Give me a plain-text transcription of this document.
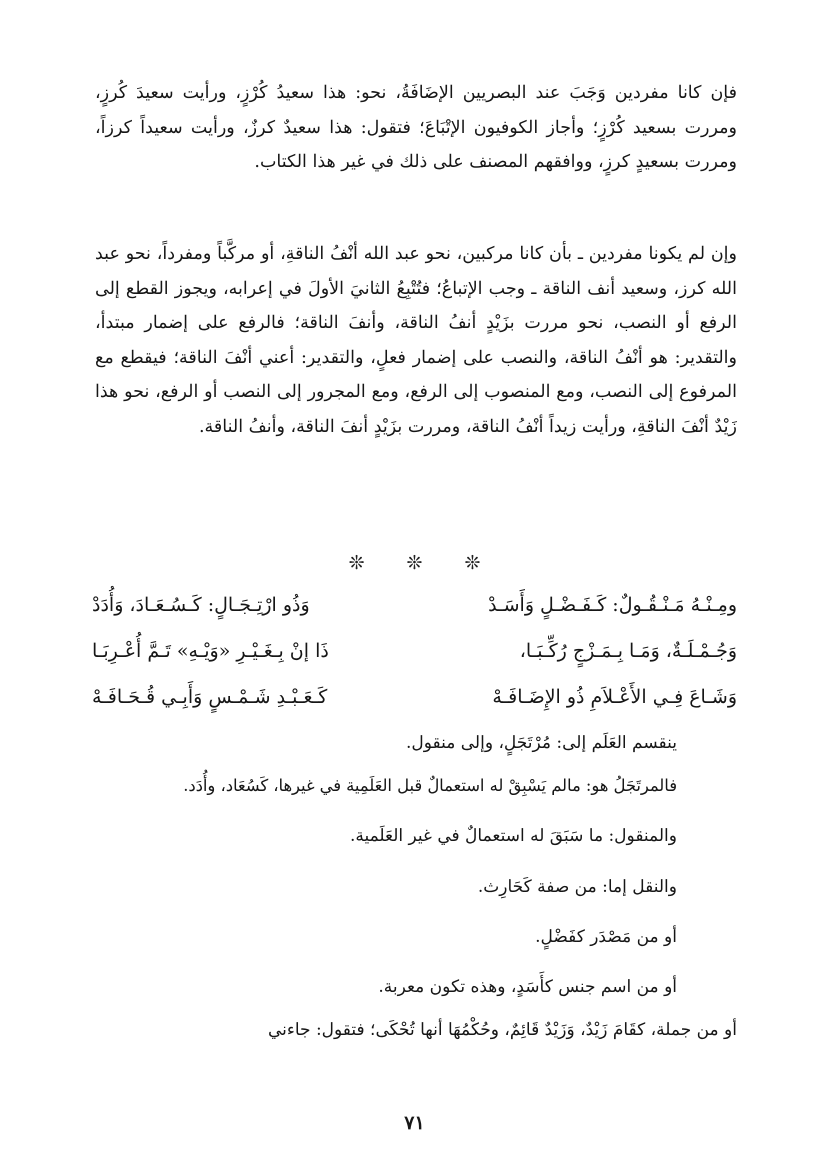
فإن كانا مفردين وَجَبَ عند البصريين الإضَافَةُ، نحو: هذا سعيدُ كُرْزٍ، ورأيت سعيدَ كُرزٍ، ومررت بسعيد كُرْزٍ؛ وأجاز الكوفيون الإتْبَاعَ؛ فتقول: هذا سعيدٌ كرزٌ، ورأيت سعيداً كرزاً، ومررت بسعيدٍ كرزٍ، ووافقهم المصنف على ذلك في غير هذا الكتاب.

وإن لم يكونا مفردين ـ بأن كانا مركبين، نحو عبد الله أنْفُ الناقةِ، أو مركَّباً ومفرداً، نحو عبد الله كرز، وسعيد أنف الناقة ـ وجب الإتباعُ؛ فتُتْبِعُ الثانيَ الأولَ في إعرابه، ويجوز القطع إلى الرفع أو النصب، نحو مررت بزَيْدٍ أنفُ الناقة، وأنفَ الناقة؛ فالرفع على إضمار مبتدأ، والتقدير: هو أنْفُ الناقة، والنصب على إضمار فعلٍ، والتقدير: أعني أنْفَ الناقة؛ فيقطع مع المرفوع إلى النصب، ومع المنصوب إلى الرفع، ومع المجرور إلى النصب أو الرفع، نحو هذا زَيْدٌ أنْفَ الناقةِ، ورأيت زيداً أنْفُ الناقة، ومررت بزَيْدٍ أنفَ الناقة، وأنفُ الناقة.

❊ ❊ ❊
ومِـنْـهُ مَـنْـقُـولٌ: كَـفَـضْـلٍ وَأَسَـدْ
وَذُو ارْتِـجَـالٍ: كَـسُـعَـادَ، وَأُدَدْ
وَجُـمْـلَـةٌ، وَمَـا بِـمَـزْجٍ رُكِّـبَـا،
ذَا إنْ بِـغَـيْـرِ «وَيْـهِ» تَـمَّ أُعْـرِبَـا
وَشَـاعَ فِـي الأَعْـلاَمِ ذُو الإِضَـافَـهْ
كَـعَـبْـدِ شَـمْـسٍ وَأَبِـي قُـحَـافَـهْ
ينقسم العَلَم إلى: مُرْتَجَلٍ، وإلى منقول.
فالمرتَجَلُ هو: مالم يَسْبِقْ له استعمالٌ قبل العَلَمِية في غيرها، كَسُعَاد، وأُدَد.
والمنقول: ما سَبَقَ له استعمالٌ في غير العَلَمية.
والنقل إما: من صفة كَحَارِث.
أو من مَصْدَر كفَضْلٍ.
أو من اسم جنس كأَسَدٍ، وهذه تكون معربة.
أو من جملة، كقَامَ زَيْدٌ، وَزَيْدٌ قَائِمٌ، وحُكْمُهَا أنها تُحْكَى؛ فتقول: جاءني
٧١
